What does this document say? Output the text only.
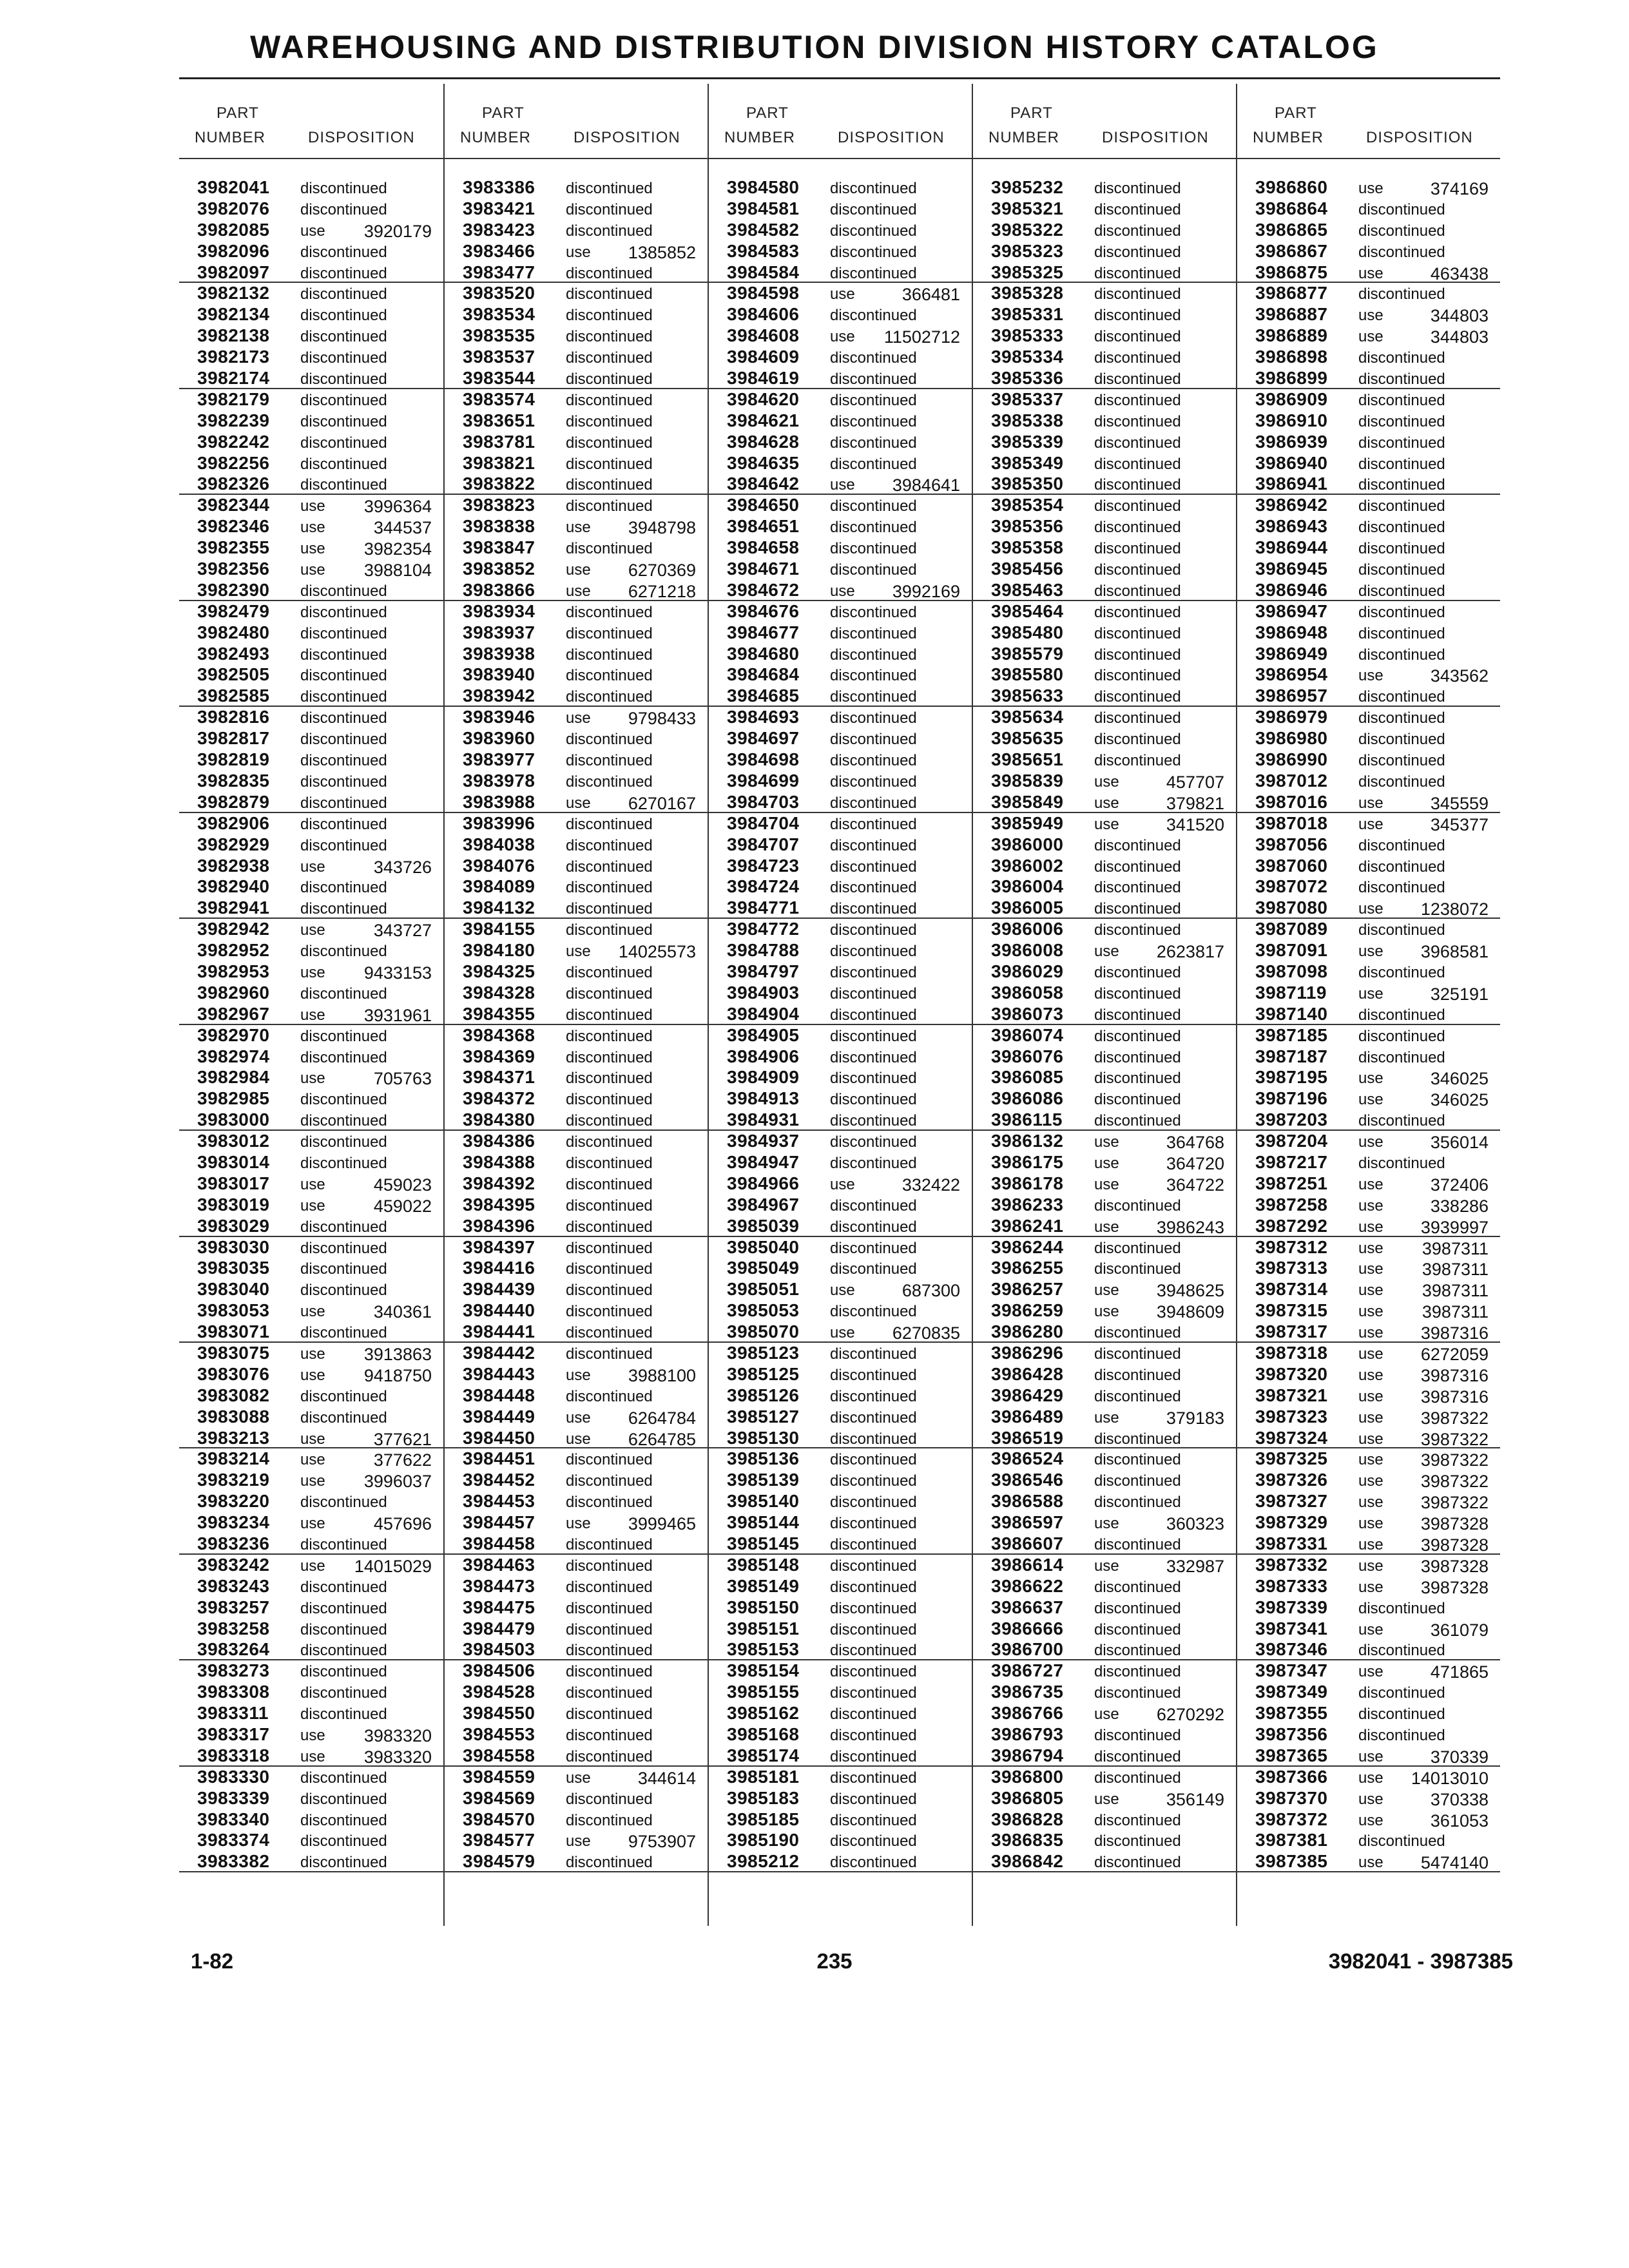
WAREHOUSING AND DISTRIBUTION DIVISION HISTORY CATALOG
PART
NUMBER	DISPOSITION
3982041	discontinued
3982076	discontinued
3982085	use 3920179
3982096	discontinued
3982097	discontinued
3982132	discontinued
3982134	discontinued
3982138	discontinued
3982173	discontinued
3982174	discontinued
3982179	discontinued
3982239	discontinued
3982242	discontinued
3982256	discontinued
3982326	discontinued
3982344	use 3996364
3982346	use	344537
3982355	use 3982354
3982356	use 3988104
3982390	discontinued
3982479	discontinued
3982480	discontinued
3982493	discontinued
3982505	discontinued
3982585	discontinued
3982816	discontinued
3982817	discontinued
3982819	discontinued
3982835	discontinued
3982879	discontinued
3982906	discontinued
3982929	discontinued
3982938	use	343726
3982940	discontinued
3982941	discontinued
3982942	use	343727
3982952	discontinued
3982953	use 9433153
3982960	discontinued
3982967	use 3931961
3982970	discontinued
3982974	discontinued
3982984	use	705763
3982985	discontinued
3983000	discontinued
3983012	discontinued
3983014	discontinued
3983017	use	459023
3983019	use	459022
3983029	discontinued
3983030	discontinued
3983035	discontinued
3983040	discontinued
3983053	use	340361
3983071	discontinued
3983075	use 3913863
3983076	use 9418750
3983082	discontinued
3983088	discontinued
3983213	use	377621
3983214	use	377622
3983219	use 3996037
3983220	discontinued
3983234	use	457696
3983236	discontinued
3983242	use 14015029
3983243	discontinued
3983257	discontinued
3983258	discontinued
3983264	discontinued
3983273	discontinued
3983308	discontinued
3983311	discontinued
3983317	use 3983320
3983318	use 3983320
3983330	discontinued
3983339	discontinued
3983340	discontinued
3983374	discontinued
3983382	discontinued
PART
NUMBER	DISPOSITION
3983386	discontinued
3983421	discontinued
3983423	discontinued
3983466	use 1385852
3983477	discontinued
3983520	discontinued
3983534	discontinued
3983535	discontinued
3983537	discontinued
3983544	discontinued
3983574	discontinued
3983651	discontinued
3983781	discontinued
3983821	discontinued
3983822	discontinued
3983823	discontinued
3983838	use 3948798
3983847	discontinued
3983852	use 6270369
3983866	use 6271218
3983934	discontinued
3983937	discontinued
3983938	discontinued
3983940	discontinued
3983942	discontinued
3983946	use 9798433
3983960	discontinued
3983977	discontinued
3983978	discontinued
3983988	use 6270167
3983996	discontinued
3984038	discontinued
3984076	discontinued
3984089	discontinued
3984132	discontinued
3984155	discontinued
3984180	use 14025573
3984325	discontinued
3984328	discontinued
3984355	discontinued
3984368	discontinued
3984369	discontinued
3984371	discontinued
3984372	discontinued
3984380	discontinued
3984386	discontinued
3984388	discontinued
3984392	discontinued
3984395	discontinued
3984396	discontinued
3984397	discontinued
3984416	discontinued
3984439	discontinued
3984440	discontinued
3984441	discontinued
3984442	discontinued
3984443	use 3988100
3984448	discontinued
3984449	use 6264784
3984450	use 6264785
3984451	discontinued
3984452	discontinued
3984453	discontinued
3984457	use 3999465
3984458	discontinued
3984463	discontinued
3984473	discontinued
3984475	discontinued
3984479	discontinued
3984503	discontinued
3984506	discontinued
3984528	discontinued
3984550	discontinued
3984553	discontinued
3984558	discontinued
3984559	use	344614
3984569	discontinued
3984570	discontinued
3984577	use 9753907
3984579	discontinued
PART
NUMBER	DISPOSITION
3984580	discontinued
3984581	discontinued
3984582	discontinued
3984583	discontinued
3984584	discontinued
3984598	use	366481
3984606	discontinued
3984608	use 11502712
3984609	discontinued
3984619	discontinued
3984620	discontinued
3984621	discontinued
3984628	discontinued
3984635	discontinued
3984642	use 3984641
3984650	discontinued
3984651	discontinued
3984658	discontinued
3984671	discontinued
3984672	use 3992169
3984676	discontinued
3984677	discontinued
3984680	discontinued
3984684	discontinued
3984685	discontinued
3984693	discontinued
3984697	discontinued
3984698	discontinued
3984699	discontinued
3984703	discontinued
3984704	discontinued
3984707	discontinued
3984723	discontinued
3984724	discontinued
3984771	discontinued
3984772	discontinued
3984788	discontinued
3984797	discontinued
3984903	discontinued
3984904	discontinued
3984905	discontinued
3984906	discontinued
3984909	discontinued
3984913	discontinued
3984931	discontinued
3984937	discontinued
3984947	discontinued
3984966	use	332422
3984967	discontinued
3985039	discontinued
3985040	discontinued
3985049	discontinued
3985051	use	687300
3985053	discontinued
3985070	use 6270835
3985123	discontinued
3985125	discontinued
3985126	discontinued
3985127	discontinued
3985130	discontinued
3985136	discontinued
3985139	discontinued
3985140	discontinued
3985144	discontinued
3985145	discontinued
3985148	discontinued
3985149	discontinued
3985150	discontinued
3985151	discontinued
3985153	discontinued
3985154	discontinued
3985155	discontinued
3985162	discontinued
3985168	discontinued
3985174	discontinued
3985181	discontinued
3985183	discontinued
3985185	discontinued
3985190	discontinued
3985212	discontinued
PART
NUMBER	DISPOSITION
3985232	discontinued
3985321	discontinued
3985322	discontinued
3985323	discontinued
3985325	discontinued
3985328	discontinued
3985331	discontinued
3985333	discontinued
3985334	discontinued
3985336	discontinued
3985337	discontinued
3985338	discontinued
3985339	discontinued
3985349	discontinued
3985350	discontinued
3985354	discontinued
3985356	discontinued
3985358	discontinued
3985456	discontinued
3985463	discontinued
3985464	discontinued
3985480	discontinued
3985579	discontinued
3985580	discontinued
3985633	discontinued
3985634	discontinued
3985635	discontinued
3985651	discontinued
3985839	use	457707
3985849	use	379821
3985949	use	341520
3986000	discontinued
3986002	discontinued
3986004	discontinued
3986005	discontinued
3986006	discontinued
3986008	use 2623817
3986029	discontinued
3986058	discontinued
3986073	discontinued
3986074	discontinued
3986076	discontinued
3986085	discontinued
3986086	discontinued
3986115	discontinued
3986132	use	364768
3986175	use	364720
3986178	use	364722
3986233	discontinued
3986241	use 3986243
3986244	discontinued
3986255	discontinued
3986257	use 3948625
3986259	use 3948609
3986280	discontinued
3986296	discontinued
3986428	discontinued
3986429	discontinued
3986489	use	379183
3986519	discontinued
3986524	discontinued
3986546	discontinued
3986588	discontinued
3986597	use	360323
3986607	discontinued
3986614	use	332987
3986622	discontinued
3986637	discontinued
3986666	discontinued
3986700	discontinued
3986727	discontinued
3986735	discontinued
3986766	use 6270292
3986793	discontinued
3986794	discontinued
3986800	discontinued
3986805	use	356149
3986828	discontinued
3986835	discontinued
3986842	discontinued
PART
NUMBER	DISPOSITION
3986860	use	374169
3986864	discontinued
3986865	discontinued
3986867	discontinued
3986875	use	463438
3986877	discontinued
3986887	use	344803
3986889	use	344803
3986898	discontinued
3986899	discontinued
3986909	discontinued
3986910	discontinued
3986939	discontinued
3986940	discontinued
3986941	discontinued
3986942	discontinued
3986943	discontinued
3986944	discontinued
3986945	discontinued
3986946	discontinued
3986947	discontinued
3986948	discontinued
3986949	discontinued
3986954	use	343562
3986957	discontinued
3986979	discontinued
3986980	discontinued
3986990	discontinued
3987012	discontinued
3987016	use	345559
3987018	use	345377
3987056	discontinued
3987060	discontinued
3987072	discontinued
3987080	use 1238072
3987089	discontinued
3987091	use 3968581
3987098	discontinued
3987119	use	325191
3987140	discontinued
3987185	discontinued
3987187	discontinued
3987195	use	346025
3987196	use	346025
3987203	discontinued
3987204	use	356014
3987217	discontinued
3987251	use	372406
3987258	use	338286
3987292	use 3939997
3987312	use 3987311
3987313	use 3987311
3987314	use 3987311
3987315	use 3987311
3987317	use 3987316
3987318	use 6272059
3987320	use 3987316
3987321	use 3987316
3987323	use 3987322
3987324	use 3987322
3987325	use 3987322
3987326	use 3987322
3987327	use 3987322
3987329	use 3987328
3987331	use 3987328
3987332	use 3987328
3987333	use 3987328
3987339	discontinued
3987341	use	361079
3987346	discontinued
3987347	use	471865
3987349	discontinued
3987355	discontinued
3987356	discontinued
3987365	use	370339
3987366	use 14013010
3987370	use	370338
3987372	use	361053
3987381	discontinued
3987385	use 5474140
1-82	235	3982041 - 3987385
